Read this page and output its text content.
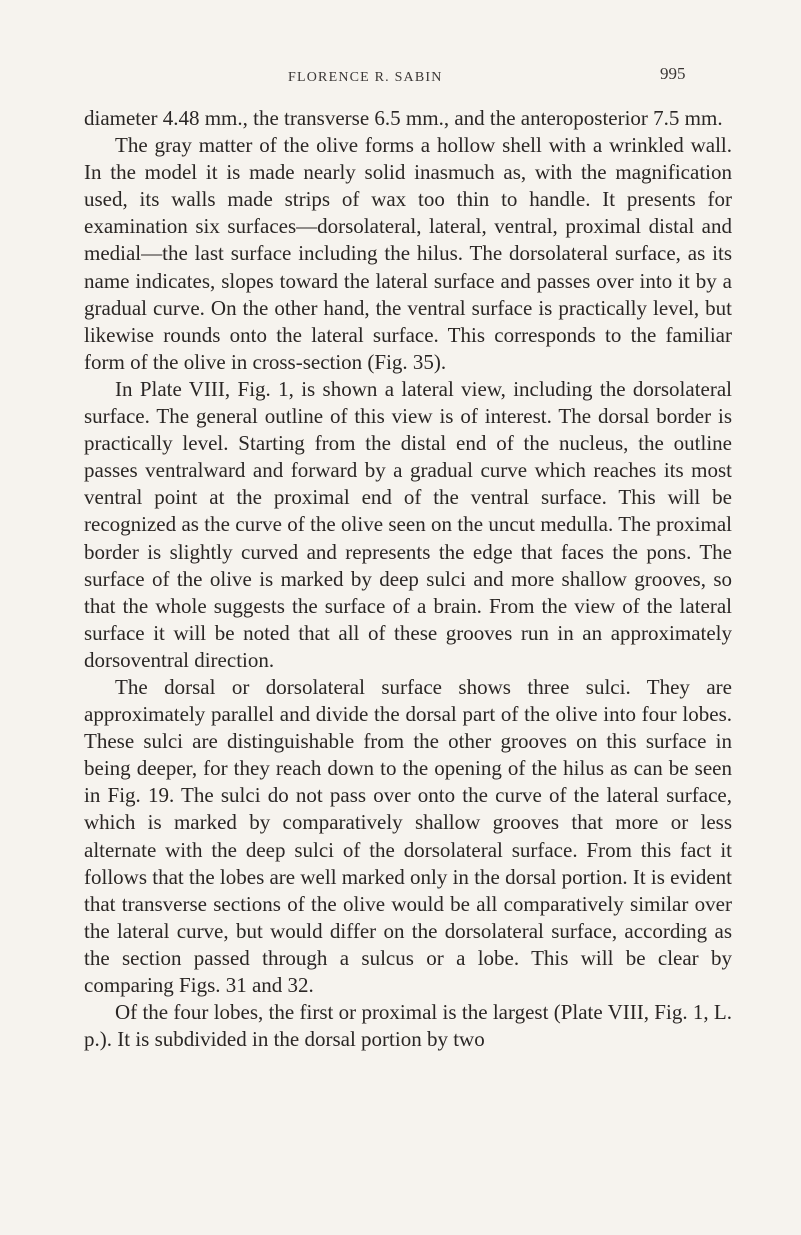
FLORENCE R. SABIN	995

diameter 4.48 mm., the transverse 6.5 mm., and the anteroposterior 7.5 mm.

The gray matter of the olive forms a hollow shell with a wrinkled wall. In the model it is made nearly solid inasmuch as, with the magnification used, its walls made strips of wax too thin to handle. It presents for examination six surfaces—dorsolateral, lateral, ventral, proximal distal and medial—the last surface including the hilus. The dorsolateral surface, as its name indicates, slopes toward the lateral surface and passes over into it by a gradual curve. On the other hand, the ventral surface is practically level, but likewise rounds onto the lateral surface. This corresponds to the familiar form of the olive in cross-section (Fig. 35).

In Plate VIII, Fig. 1, is shown a lateral view, including the dorsolateral surface. The general outline of this view is of interest. The dorsal border is practically level. Starting from the distal end of the nucleus, the outline passes ventralward and forward by a gradual curve which reaches its most ventral point at the proximal end of the ventral surface. This will be recognized as the curve of the olive seen on the uncut medulla. The proximal border is slightly curved and represents the edge that faces the pons. The surface of the olive is marked by deep sulci and more shallow grooves, so that the whole suggests the surface of a brain. From the view of the lateral surface it will be noted that all of these grooves run in an approximately dorsoventral direction.

The dorsal or dorsolateral surface shows three sulci. They are approximately parallel and divide the dorsal part of the olive into four lobes. These sulci are distinguishable from the other grooves on this surface in being deeper, for they reach down to the opening of the hilus as can be seen in Fig. 19. The sulci do not pass over onto the curve of the lateral surface, which is marked by comparatively shallow grooves that more or less alternate with the deep sulci of the dorsolateral surface. From this fact it follows that the lobes are well marked only in the dorsal portion. It is evident that transverse sections of the olive would be all comparatively similar over the lateral curve, but would differ on the dorsolateral surface, according as the section passed through a sulcus or a lobe. This will be clear by comparing Figs. 31 and 32.

Of the four lobes, the first or proximal is the largest (Plate VIII, Fig. 1, L. p.). It is subdivided in the dorsal portion by two
